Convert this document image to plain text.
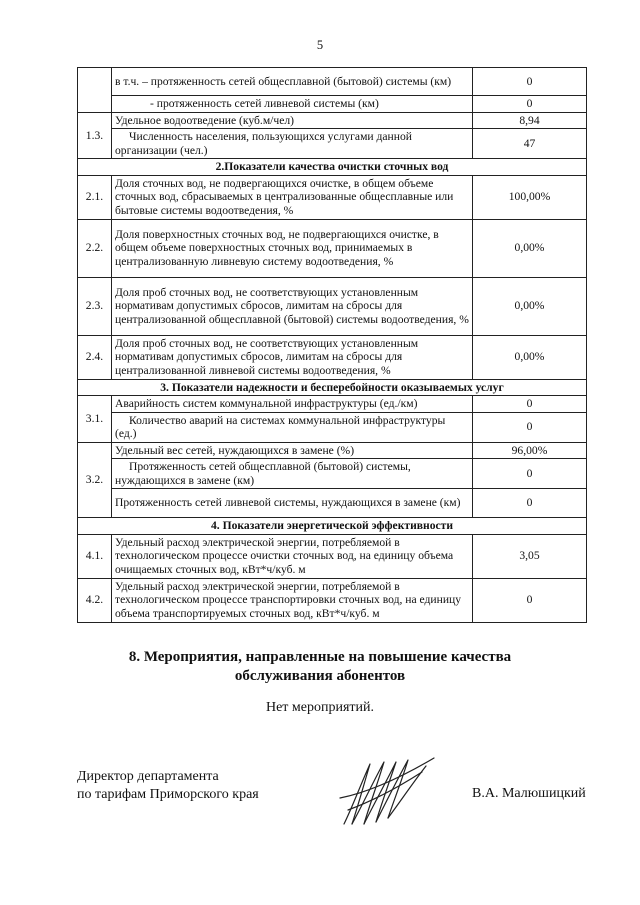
5
	в т.ч. – протяженность сетей общесплавной (бытовой) системы (км)	0
	- протяженность сетей ливневой системы (км)	0
1.3.	Удельное водоотведение (куб.м/чел)	8,94
	Численность населения, пользующихся услугами данной организации (чел.)	47
2.Показатели качества очистки сточных вод		
2.1.	Доля сточных вод, не подвергающихся очистке, в общем объеме сточных вод, сбрасываемых в централизованные общесплавные или бытовые системы водоотведения, %	100,00%
2.2.	Доля поверхностных сточных вод, не подвергающихся очистке, в общем объеме поверхностных сточных вод, принимаемых в централизованную ливневую систему водоотведения, %	0,00%
2.3.	Доля проб сточных вод, не соответствующих установленным нормативам допустимых сбросов, лимитам на сбросы для централизованной общесплавной (бытовой) системы водоотведения, %	0,00%
2.4.	Доля проб сточных вод, не соответствующих установленным нормативам допустимых сбросов, лимитам на сбросы для централизованной ливневой системы водоотведения, %	0,00%
3. Показатели надежности и бесперебойности оказываемых услуг		
3.1.	Аварийность систем коммунальной инфраструктуры (ед./км)	0
	Количество аварий на системах коммунальной инфраструктуры (ед.)	0
3.2.	Удельный вес сетей, нуждающихся в замене (%)	96,00%
	Протяженность сетей общесплавной (бытовой) системы, нуждающихся в замене (км)	0
	Протяженность сетей ливневой системы, нуждающихся в замене (км)	0
4. Показатели энергетической эффективности		
4.1.	Удельный расход электрической энергии, потребляемой в технологическом процессе очистки сточных вод, на единицу объема очищаемых сточных вод, кВт*ч/куб. м	3,05
4.2.	Удельный расход электрической энергии, потребляемой в технологическом процессе транспортировки сточных вод, на единицу объема транспортируемых сточных вод, кВт*ч/куб. м	0
8. Мероприятия, направленные на повышение качества
обслуживания абонентов
Нет мероприятий.
Директор департамента
по тарифам Приморского края	В.А. Малюшицкий
